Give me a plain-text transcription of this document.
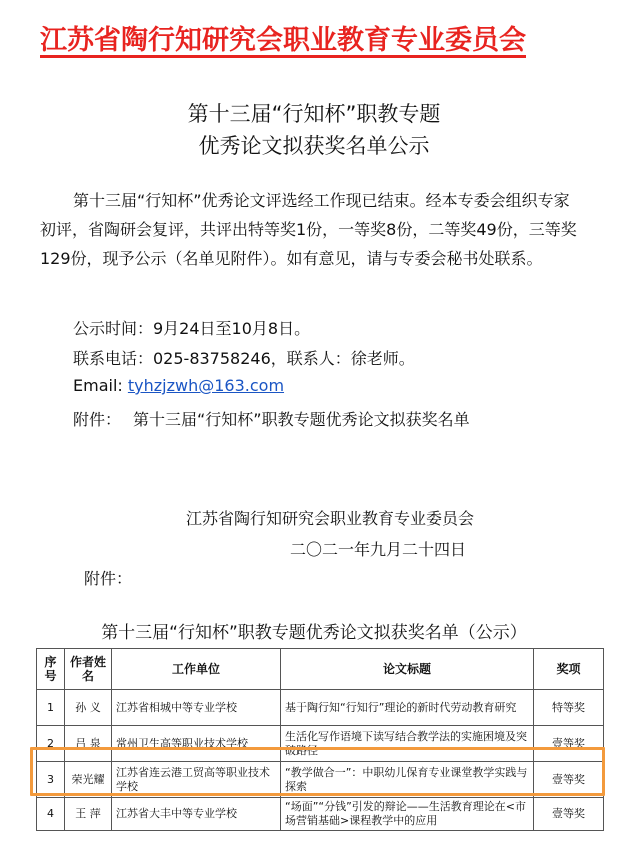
江苏省陶行知研究会职业教育专业委员会
第十三届“行知杯”职教专题
优秀论文拟获奖名单公示
第十三届“行知杯”优秀论文评选经工作现已结束。经本专委会组织专家初评，省陶研会复评，共评出特等奖1份，一等奖8份，二等奖49份，三等奖129份，现予公示（名单见附件）。如有意见，请与专委会秘书处联系。
公示时间：9月24日至10月8日。
联系电话：025-83758246，联系人：徐老师。
Email: tyhzjzwh@163.com
附件： 第十三届“行知杯”职教专题优秀论文拟获奖名单
江苏省陶行知研究会职业教育专业委员会
二〇二一年九月二十四日
附件：
第十三届“行知杯”职教专题优秀论文拟获奖名单（公示）
序号	作者姓名	工作单位	论文标题	奖项
1	孙 义	江苏省相城中等专业学校	基于陶行知“行知行”理论的新时代劳动教育研究	特等奖
2	吕 泉	常州卫生高等职业技术学校	生活化写作语境下读写结合教学法的实施困境及突破路径	壹等奖
3	荣光耀	江苏省连云港工贸高等职业技术学校	“教学做合一”：中职幼儿保育专业课堂教学实践与探索	壹等奖
4	王 萍	江苏省大丰中等专业学校	“场面”“分钱”引发的辩论——生活教育理论在<市场营销基础>课程教学中的应用	壹等奖
